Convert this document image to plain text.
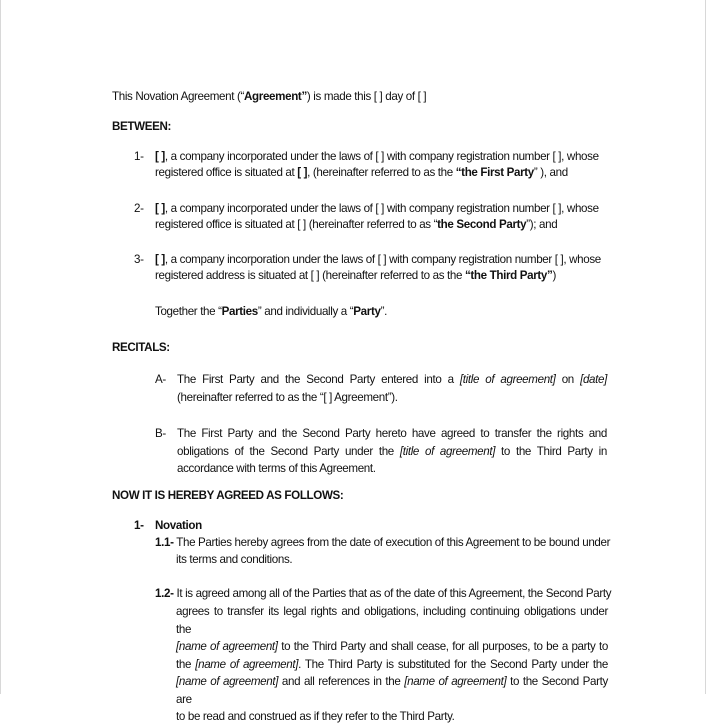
This Novation Agreement (“Agreement”) is made this [ ] day of [ ]
BETWEEN:
1- [ ], a company incorporated under the laws of [ ] with company registration number [ ], whose
registered office is situated at [ ], (hereinafter referred to as the “the First Party” ), and
2- [ ], a company incorporated under the laws of [ ] with company registration number [ ], whose
registered office is situated at [ ] (hereinafter referred to as “the Second Party”); and
3- [ ], a company incorporation under the laws of [ ] with company registration number [ ], whose
registered address is situated at [ ] (hereinafter referred to as the “the Third Party”)
Together the “Parties” and individually a “Party”.
RECITALS:
A- The First Party and the Second Party entered into a [title of agreement] on [date]

(hereinafter referred to as the “[ ] Agreement”).

B- The First Party and the Second Party hereto have agreed to transfer the rights and

obligations of the Second Party under the [title of agreement] to the Third Party in

accordance with terms of this Agreement.

NOW IT IS HEREBY AGREED AS FOLLOWS:
1- Novation
1.1- The Parties hereby agrees from the date of execution of this Agreement to be bound under
its terms and conditions.
1.2- It is agreed among all of the Parties that as of the date of this Agreement, the Second Party

agrees to transfer its legal rights and obligations, including continuing obligations under the

[name of agreement] to the Third Party and shall cease, for all purposes, to be a party to

the [name of agreement]. The Third Party is substituted for the Second Party under the

[name of agreement] and all references in the [name of agreement] to the Second Party are

to be read and construed as if they refer to the Third Party.
